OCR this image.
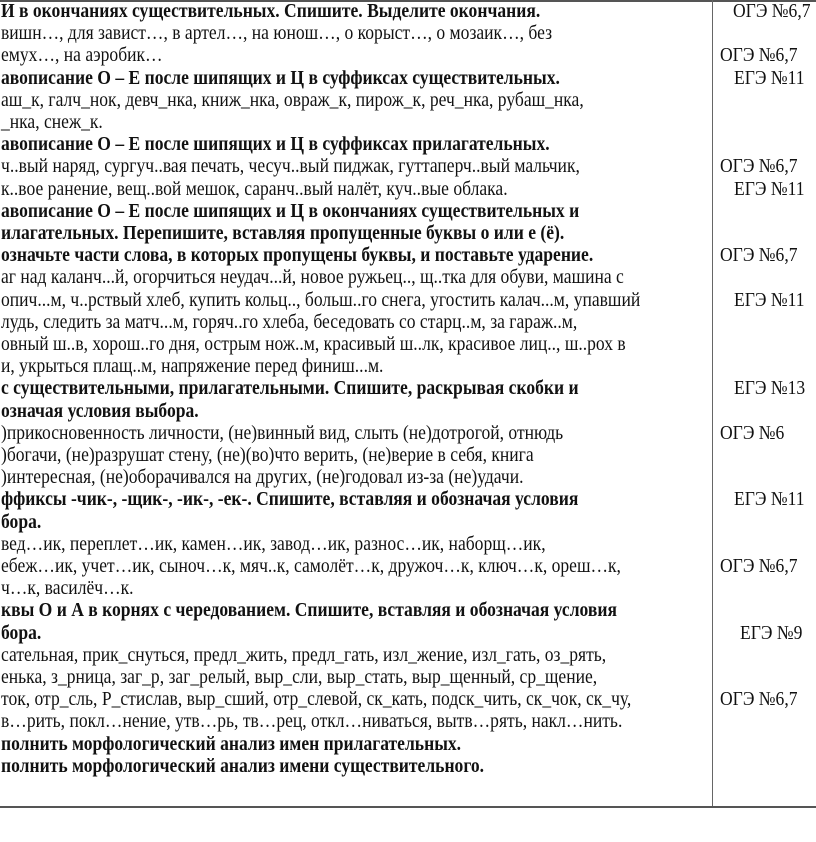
И в окончаниях существительных. Спишите. Выделите окончания.
вишн…, для завист…, в артел…, на юнош…, о корыст…, о мозаик…, без
емух…, на аэробик…
авописание О – Е после шипящих и Ц в суффиксах существительных.
аш_к, галч_нок, девч_нка, книж_нка, овраж_к, пирож_к, реч_нка, рубаш_нка,
_нка, снеж_к.
авописание О – Е после шипящих и Ц в суффиксах прилагательных.
ч..вый наряд, сургуч..вая печать, чесуч..вый пиджак, гуттаперч..вый мальчик,
к..вое ранение, вещ..вой мешок, саранч..вый налёт, куч..вые облака.
авописание О – Е после шипящих и Ц в окончаниях существительных и
илагательных. Перепишите, вставляя пропущенные буквы о или е (ё).
означьте части слова, в которых пропущены буквы, и поставьте ударение.
аг над каланч...й, огорчиться неудач...й, новое ружьец.., щ..тка для обуви, машина с
опич...м, ч..рствый хлеб, купить кольц.., больш..го снега, угостить калач...м, упавший
лудь, следить за матч...м, горяч..го хлеба, беседовать со старц..м, за гараж..м,
овный ш..в, хорош..го дня, острым нож..м, красивый ш..лк, красивое лиц.., ш..рох в
и, укрыться плащ..м, напряжение перед финиш...м.
с существительными, прилагательными. Спишите, раскрывая скобки и
означая условия выбора.
)прикосновенность личности, (не)винный вид, слыть (не)дотрогой, отнюдь
)богачи, (не)разрушат стену, (не)(во)что верить, (не)верие в себя, книга
)интересная, (не)оборачивался на других, (не)годовал из-за (не)удачи.
ффиксы -чик-, -щик-, -ик-, -ек-. Спишите, вставляя и обозначая условия
бора.
вед…ик, переплет…ик, камен…ик, завод…ик, разнос…ик, наборщ…ик,
ебеж…ик, учет…ик, сыноч…к, мяч..к, самолёт…к, дружоч…к, ключ…к, ореш…к,
ч…к, василёч…к.
квы О и А в корнях с чередованием. Спишите, вставляя и обозначая условия
бора.
сательная, прик_снуться, предл_жить, предл_гать, изл_жение, изл_гать, оз_рять,
енька, з_рница, заг_р, заг_релый, выр_сли, выр_стать, выр_щенный, ср_щение,
ток, отр_сль, Р_стислав, выр_сший, отр_слевой, ск_кать, подск_чить, ск_чок, ск_чу,
в…рить, покл…нение, утв…рь, тв…рец, откл…ниваться, вытв…рять, накл…нить.
полнить морфологический анализ имен прилагательных.
полнить морфологический анализ имени существительного.
ОГЭ №6,7
ОГЭ №6,7
ЕГЭ №11
ОГЭ №6,7
ЕГЭ №11
ОГЭ №6,7
ЕГЭ №11
ЕГЭ №13
ОГЭ №6
ЕГЭ №11
ОГЭ №6,7
ЕГЭ №9
ОГЭ №6,7
